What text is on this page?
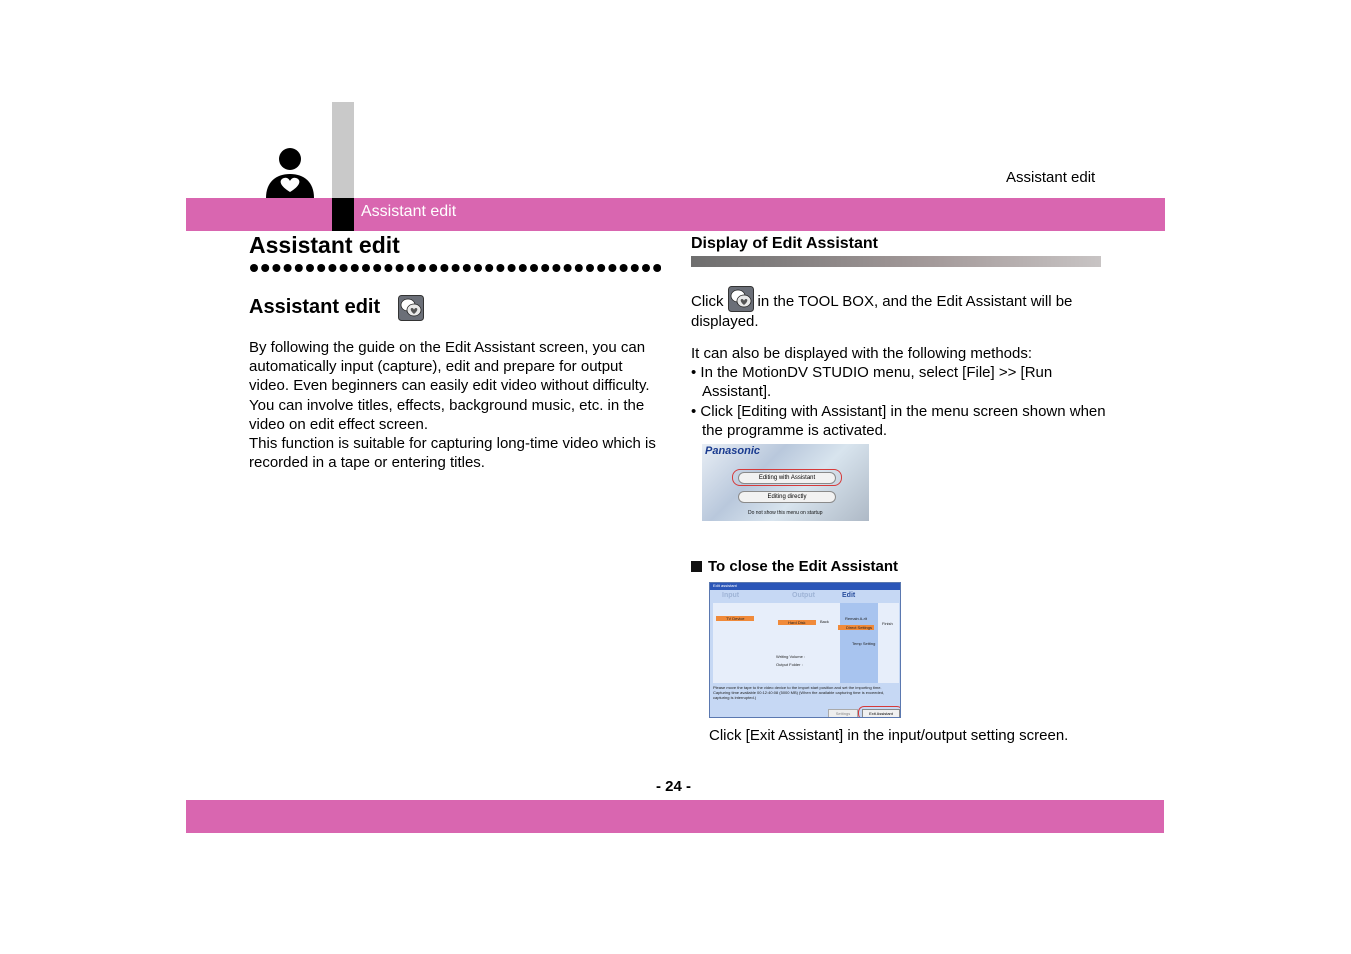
Assistant edit
Assistant edit
Assistant edit
Assistant edit

By following the guide on the Edit Assistant screen, you can automatically input (capture), edit and prepare for output video. Even beginners can easily edit video without difficulty.

You can involve titles, effects, background music, etc. in the video on edit effect screen.

This function is suitable for capturing long-time video which is recorded in a tape or entering titles.

Display of Edit Assistant

Click in the TOOL BOX, and the Edit Assistant will be displayed.

It can also be displayed with the following methods:

• In the MotionDV STUDIO menu, select [File] >> [Run Assistant].

• Click [Editing with Assistant] in the menu screen shown when the programme is activated.

Panasonic
Editing with Assistant
Editing directly
Do not show this menu on startup
To close the Edit Assistant
Edit assistant
Input	Output	Edit
TV Device
Hard Disk
Remain A-rit
Direct Settings
Back	Finish
Temp Setting
Writing Volume :
Output Folder :
Please move the tape to the video device to the import start position and set the importing time. Capturing time available 00:12:40:08 (5000 MB) (When the available capturing time is exceeded, capturing is interrupted.)
Settings	Exit Assistant
Click [Exit Assistant] in the input/output setting screen.
- 24 -
